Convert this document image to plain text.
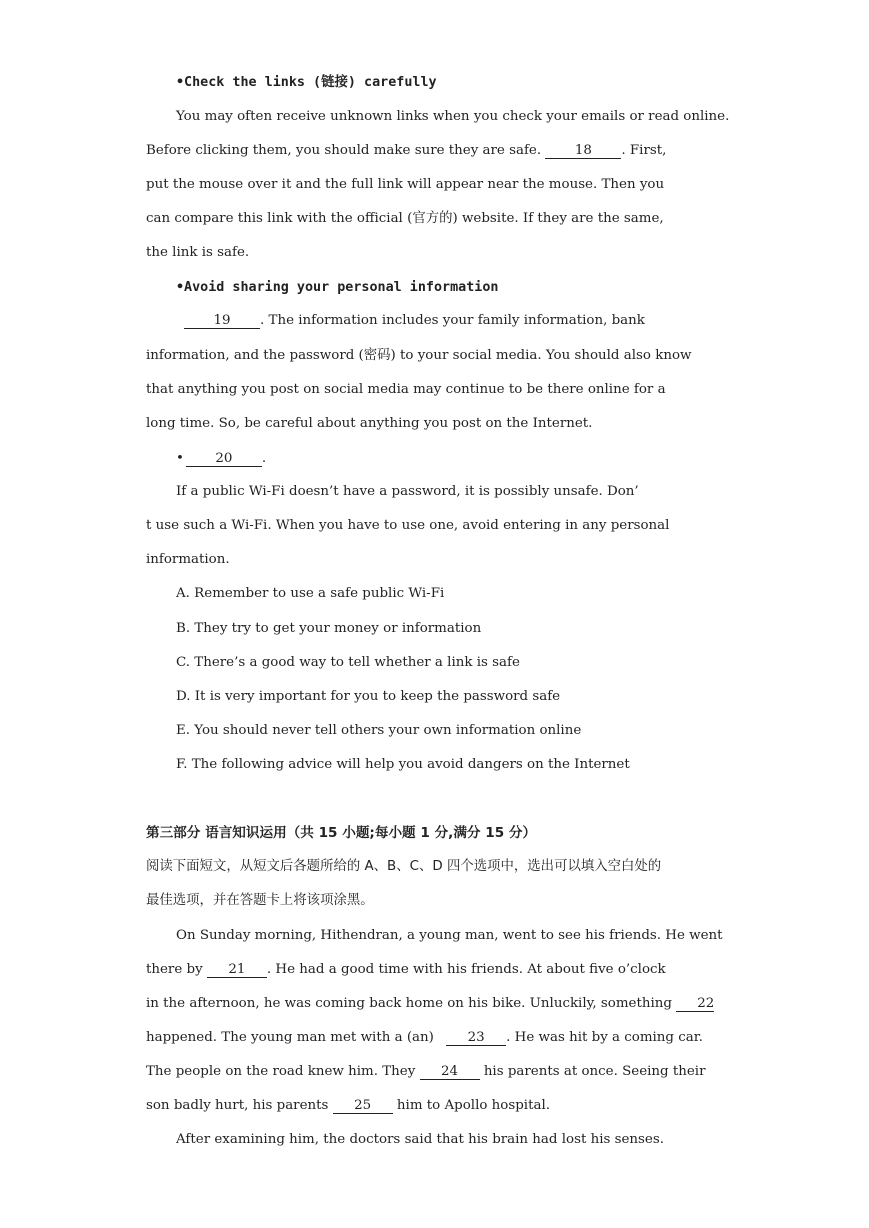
•Check the links (链接) carefully
You may often receive unknown links when you check your emails or read online.
Before clicking them, you should make sure they are safe.	18 . First,
put the mouse over it and the full link will appear near the mouse. Then you
can compare this link with the official (官方的) website. If they are the same,
the link is safe.
•Avoid sharing your personal information
19 . The information includes your family information, bank
information, and the password (密码) to your social media. You should also know
that anything you post on social media may continue to be there online for a
long time. So, be careful about anything you post on the Internet.
• 20 .
If a public Wi-Fi doesn’t have a password, it is possibly unsafe. Don’
t use such a Wi-Fi. When you have to use one, avoid entering in any personal
information.
A. Remember to use a safe public Wi-Fi
B. They try to get your money or information
C. There’s a good way to tell whether a link is safe
D. It is very important for you to keep the password safe
E. You should never tell others your own information online
F. The following advice will help you avoid dangers on the Internet
第三部分 语言知识运用（共 15 小题;每小题 1 分,满分 15 分）
阅读下面短文，从短文后各题所给的 A、B、C、D 四个选项中，选出可以填入空白处的
最佳选项，并在答题卡上将该项涂黑。
On Sunday morning, Hithendran, a young man, went to see his friends. He went
there by 21 . He had a good time with his friends. At about five o’clock
in the afternoon, he was coming back home on his bike. Unluckily, something 22
happened. The young man met with a (an)	23 . He was hit by a coming car.
The people on the road knew him. They 24 his parents at once. Seeing their
son badly hurt, his parents 25 him to Apollo hospital.
After examining him, the doctors said that his brain had lost his senses.
